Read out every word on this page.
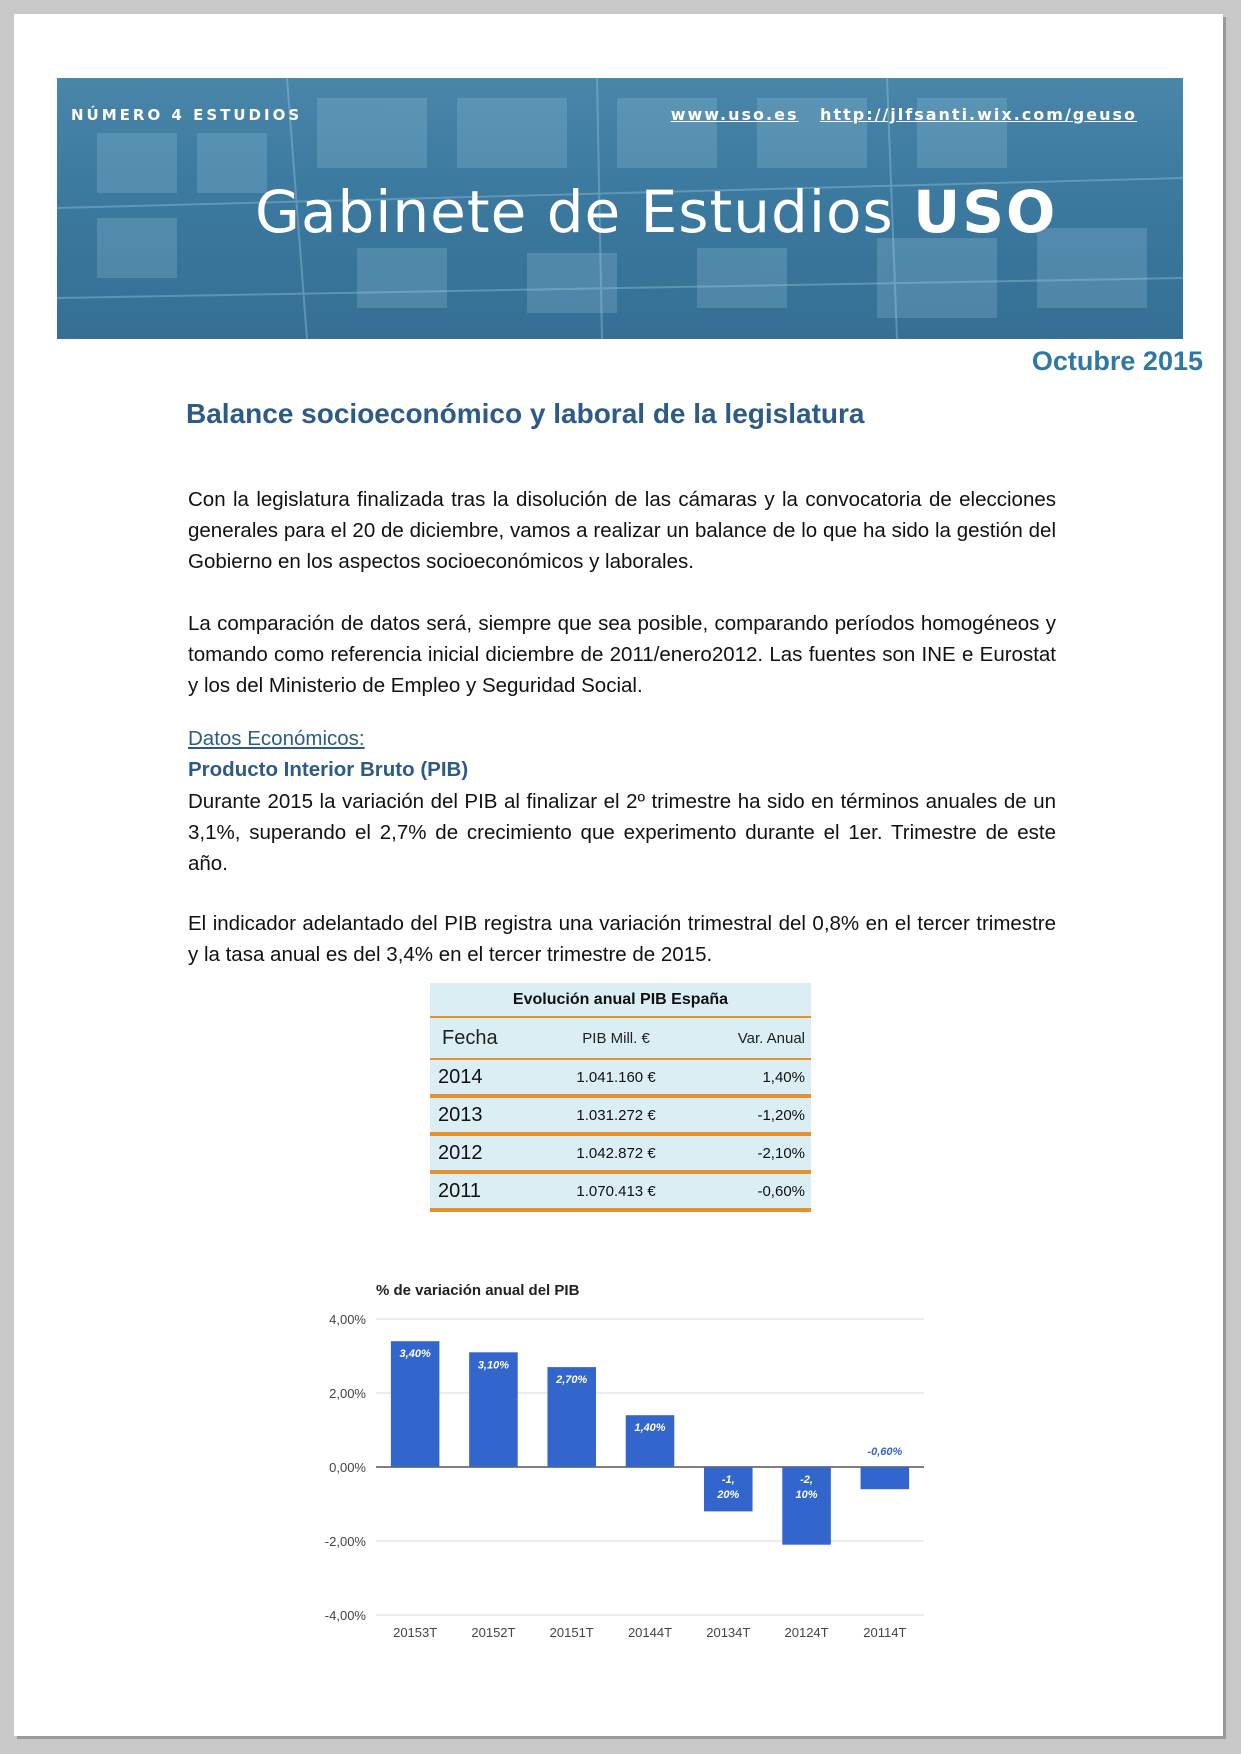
NÚMERO 4 ESTUDIOS	www.uso.es http://jlfsanti.wix.com/geuso
Gabinete de Estudios USO
Octubre 2015
Balance socioeconómico y laboral de la legislatura

Con la legislatura finalizada tras la disolución de las cámaras y la convocatoria de elecciones generales para el 20 de diciembre, vamos a realizar un balance de lo que ha sido la gestión del Gobierno en los aspectos socioeconómicos y laborales.

La comparación de datos será, siempre que sea posible, comparando períodos homogéneos y tomando como referencia inicial diciembre de 2011/enero2012. Las fuentes son INE e Eurostat y los del Ministerio de Empleo y Seguridad Social.

Datos Económicos:

Producto Interior Bruto (PIB)

Durante 2015 la variación del PIB al finalizar el 2º trimestre ha sido en términos anuales de un 3,1%, superando el 2,7% de crecimiento que experimento durante el 1er. Trimestre de este año.

El indicador adelantado del PIB registra una variación trimestral del 0,8% en el tercer trimestre y la tasa anual es del 3,4% en el tercer trimestre de 2015.

Evolución anual PIB España		
Fecha	PIB Mill. €	Var. Anual
2014	1.041.160 €	1,40%
2013	1.031.272 €	-1,20%
2012	1.042.872 €	-2,10%
2011	1.070.413 €	-0,60%
% de variación anual del PIB
4,00%
2,00%
0,00%
-2,00%
-4,00%
3,40%
20153T
3,10%
20152T
2,70%
20151T
1,40%
20144T
-1,
20%
20134T
-2,
10%
20124T
-0,60%
20114T
